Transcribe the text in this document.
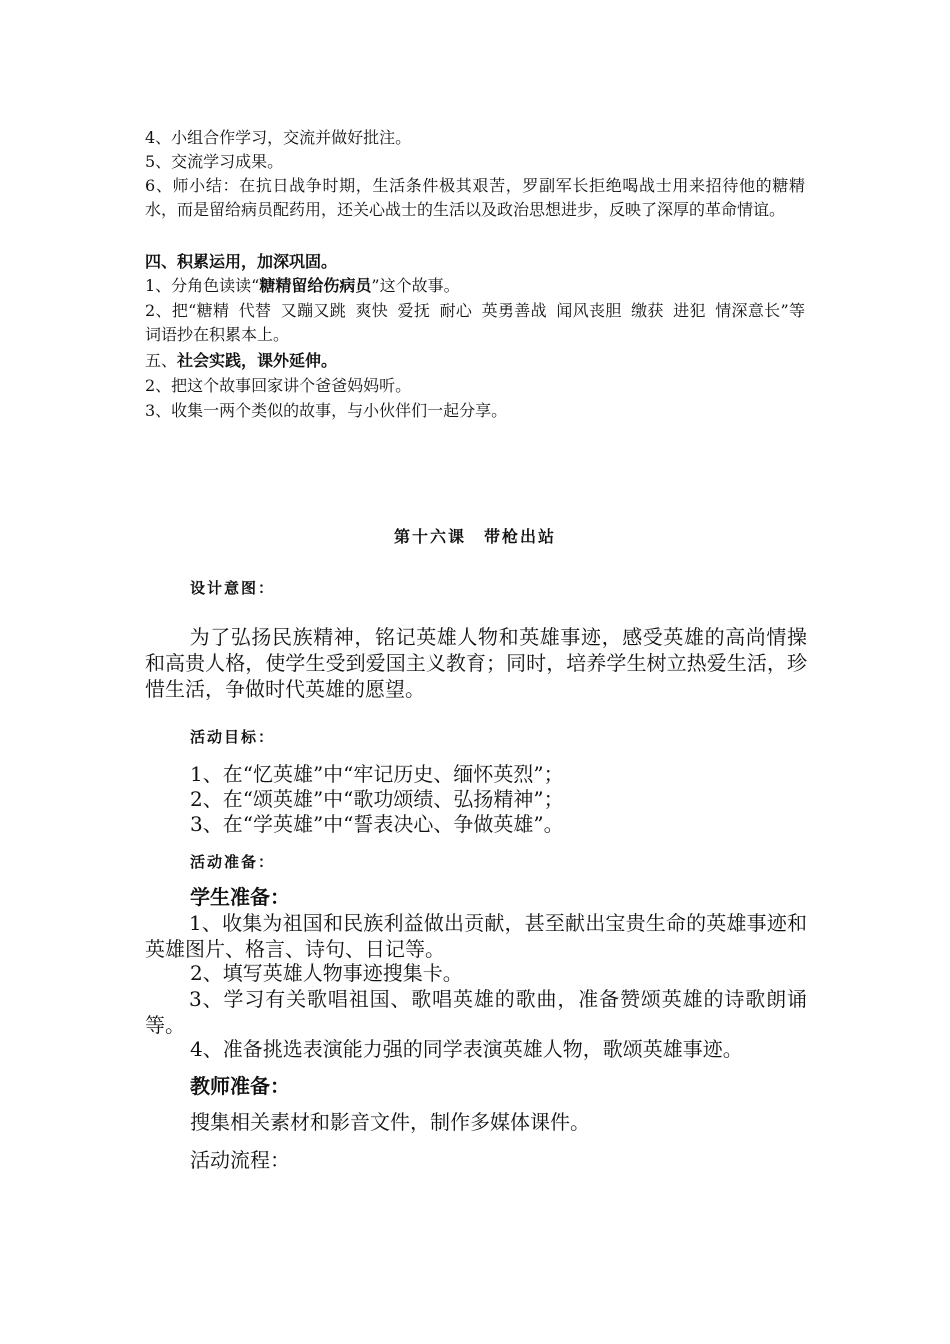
4、小组合作学习，交流并做好批注。
5、交流学习成果。
6、师小结：在抗日战争时期，生活条件极其艰苦，罗副军长拒绝喝战士用来招待他的糖精水，而是留给病员配药用，还关心战士的生活以及政治思想进步，反映了深厚的革命情谊。
四、积累运用，加深巩固。
1、分角色读读“糖精留给伤病员”这个故事。
2、把“糖精 代替 又蹦又跳 爽快 爱抚 耐心 英勇善战 闻风丧胆 缴获 进犯 情深意长”等词语抄在积累本上。
五、社会实践，课外延伸。
2、把这个故事回家讲个爸爸妈妈听。
3、收集一两个类似的故事，与小伙伴们一起分享。
第十六课　带枪出站
设计意图：
为了弘扬民族精神，铭记英雄人物和英雄事迹，感受英雄的高尚情操和高贵人格，使学生受到爱国主义教育；同时，培养学生树立热爱生活，珍惜生活，争做时代英雄的愿望。
活动目标：
1、在“忆英雄”中“牢记历史、缅怀英烈”；
2、在“颂英雄”中“歌功颂绩、弘扬精神”；
3、在“学英雄”中“誓表决心、争做英雄”。
活动准备：
学生准备：
1、收集为祖国和民族利益做出贡献，甚至献出宝贵生命的英雄事迹和英雄图片、格言、诗句、日记等。
2、填写英雄人物事迹搜集卡。
3、学习有关歌唱祖国、歌唱英雄的歌曲，准备赞颂英雄的诗歌朗诵等。
4、准备挑选表演能力强的同学表演英雄人物，歌颂英雄事迹。
教师准备：
搜集相关素材和影音文件，制作多媒体课件。
活动流程：
